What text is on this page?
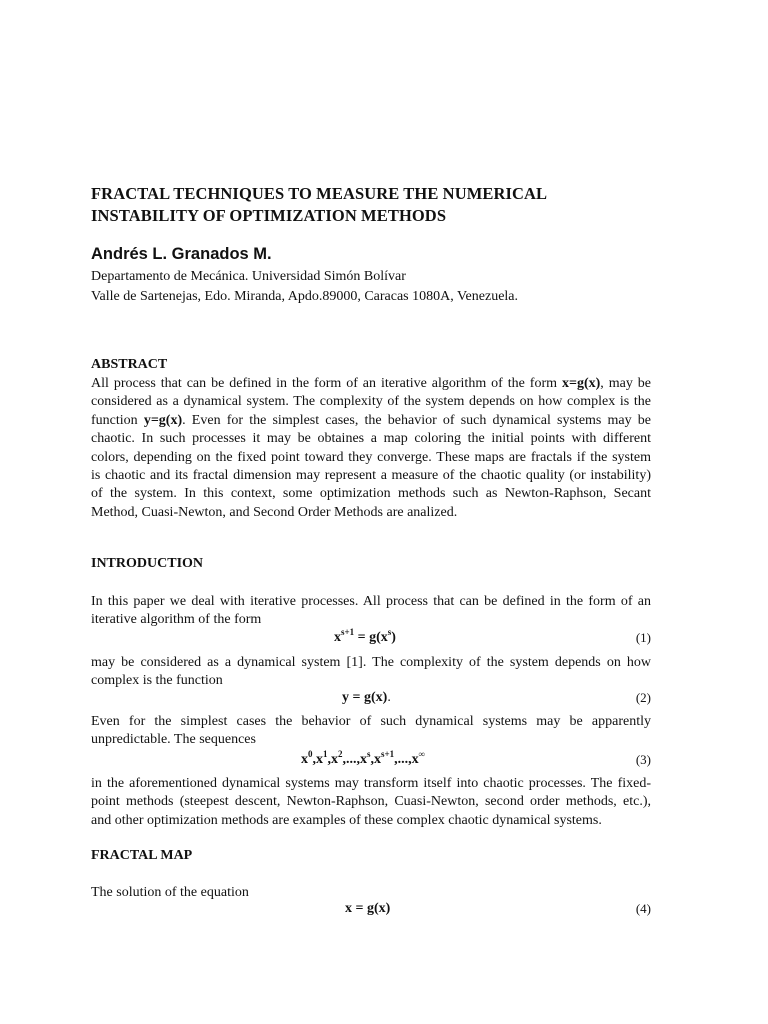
FRACTAL TECHNIQUES TO MEASURE THE NUMERICAL
INSTABILITY OF OPTIMIZATION METHODS

Andrés L. Granados M.

Departamento de Mecánica. Universidad Simón Bolívar
Valle de Sartenejas, Edo. Miranda, Apdo.89000, Caracas 1080A, Venezuela.

ABSTRACT

All process that can be defined in the form of an iterative algorithm of the form x=g(x), may be
considered as a dynamical system. The complexity of the system depends on how complex is the
function y=g(x). Even for the simplest cases, the behavior of such dynamical systems may be
chaotic. In such processes it may be obtaines a map coloring the initial points with different
colors, depending on the fixed point toward they converge. These maps are fractals if the system
is chaotic and its fractal dimension may represent a measure of the chaotic quality (or instability)
of the system. In this context, some optimization methods such as Newton-Raphson, Secant
Method, Cuasi-Newton, and Second Order Methods are analized.

INTRODUCTION

In this paper we deal with iterative processes. All process that can be defined in the form of an
iterative algorithm of the form
$x^{s+1} = g(x^s)$	(1)
may be considered as a dynamical system [1]. The complexity of the system depends on how
complex is the function
y = g(x).	(2)
Even for the simplest cases the behavior of such dynamical systems may be apparently
unpredictable. The sequences
$x^0,x^1,x^2,...,x^s,x^{s+1},...,x^\infty$	(3)
in the aforementioned dynamical systems may transform itself into chaotic processes. The fixed-
point methods (steepest descent, Newton-Raphson, Cuasi-Newton, second order methods, etc.),
and other optimization methods are examples of these complex chaotic dynamical systems.

FRACTAL MAP

The solution of the equation
x = g(x)	(4)
